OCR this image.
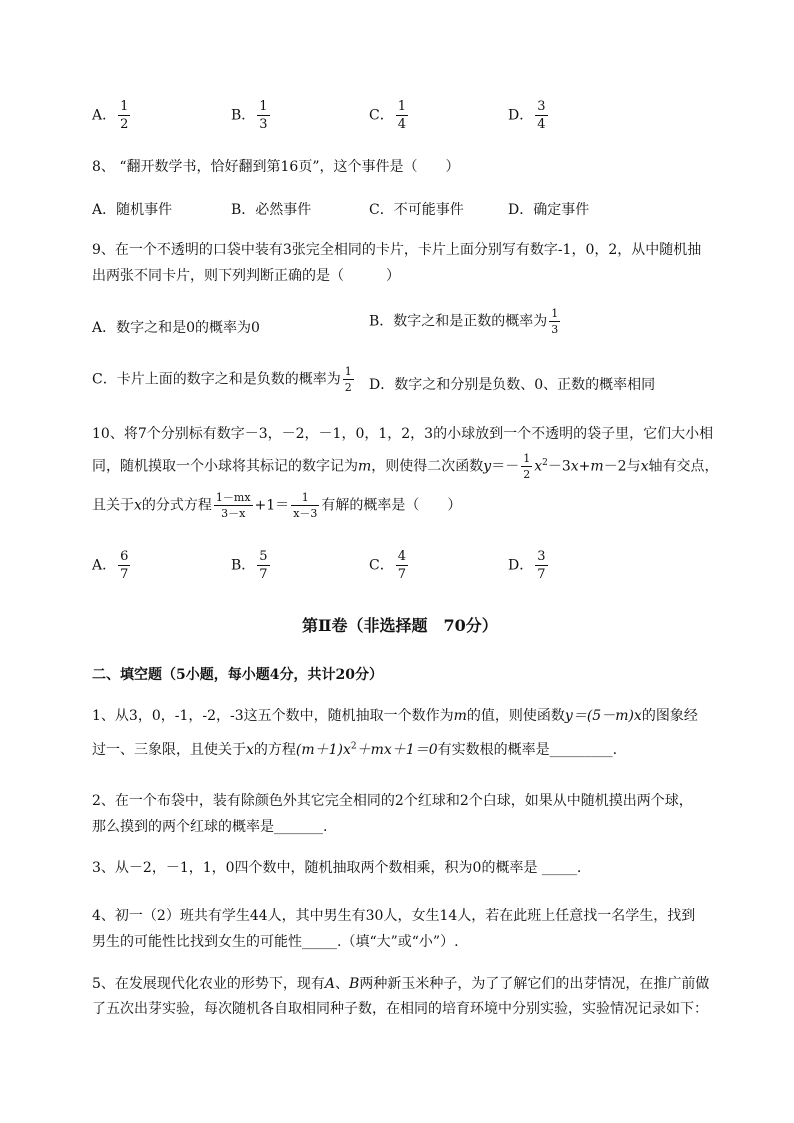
A． $\frac{1}{2}$	B． $\frac{1}{3}$	C． $\frac{1}{4}$	D． $\frac{3}{4}$
8、 “翻开数学书，恰好翻到第16页”，这个事件是（　　）
A．随机事件	B．必然事件	C．不可能事件	D．确定事件
9、在一个不透明的口袋中装有3张完全相同的卡片，卡片上面分别写有数字-1，0，2，从中随机抽
出两张不同卡片，则下列判断正确的是（　　　）
A．数字之和是0的概率为0	B．数字之和是正数的概率为 $\frac{1}{3}$
C．卡片上面的数字之和是负数的概率为 $\frac{1}{2}$ D．数字之和分别是负数、0、正数的概率相同
10、将7个分别标有数字－3，－2，－1，0，1，2，3的小球放到一个不透明的袋子里，它们大小相
同，随机摸取一个小球将其标记的数字记为m，则使得二次函数$y=- \frac{1}{2} x^2-3x+m-2$与x轴有交点，
且关于x的分式方程 $\frac{1-mx}{3-x} +1= \frac{1}{x-3}$ 有解的概率是（　　）
A． $\frac{6}{7}$	B． $\frac{5}{7}$	C． $\frac{4}{7}$	D． $\frac{3}{7}$
第Ⅱ卷（非选择题　70分）
二、填空题（5小题，每小题4分，共计20分）
1、从3，0，-1，-2，-3这五个数中，随机抽取一个数作为m的值，则使函数y＝(5－m)x的图象经
过一、三象限，且使关于x的方程$(m+1)x^2+mx+1=0$有实数根的概率是_________.
2、在一个布袋中，装有除颜色外其它完全相同的2个红球和2个白球，如果从中随机摸出两个球，
那么摸到的两个红球的概率是_______.
3、从－2，－1，1，0四个数中，随机抽取两个数相乘，积为0的概率是 _____.
4、初一（2）班共有学生44人，其中男生有30人，女生14人，若在此班上任意找一名学生，找到
男生的可能性比找到女生的可能性_____.（填“大”或“小”）.
5、在发展现代化农业的形势下，现有A、B两种新玉米种子，为了了解它们的出芽情况，在推广前做
了五次出芽实验，每次随机各自取相同种子数，在相同的培育环境中分别实验，实验情况记录如下：
